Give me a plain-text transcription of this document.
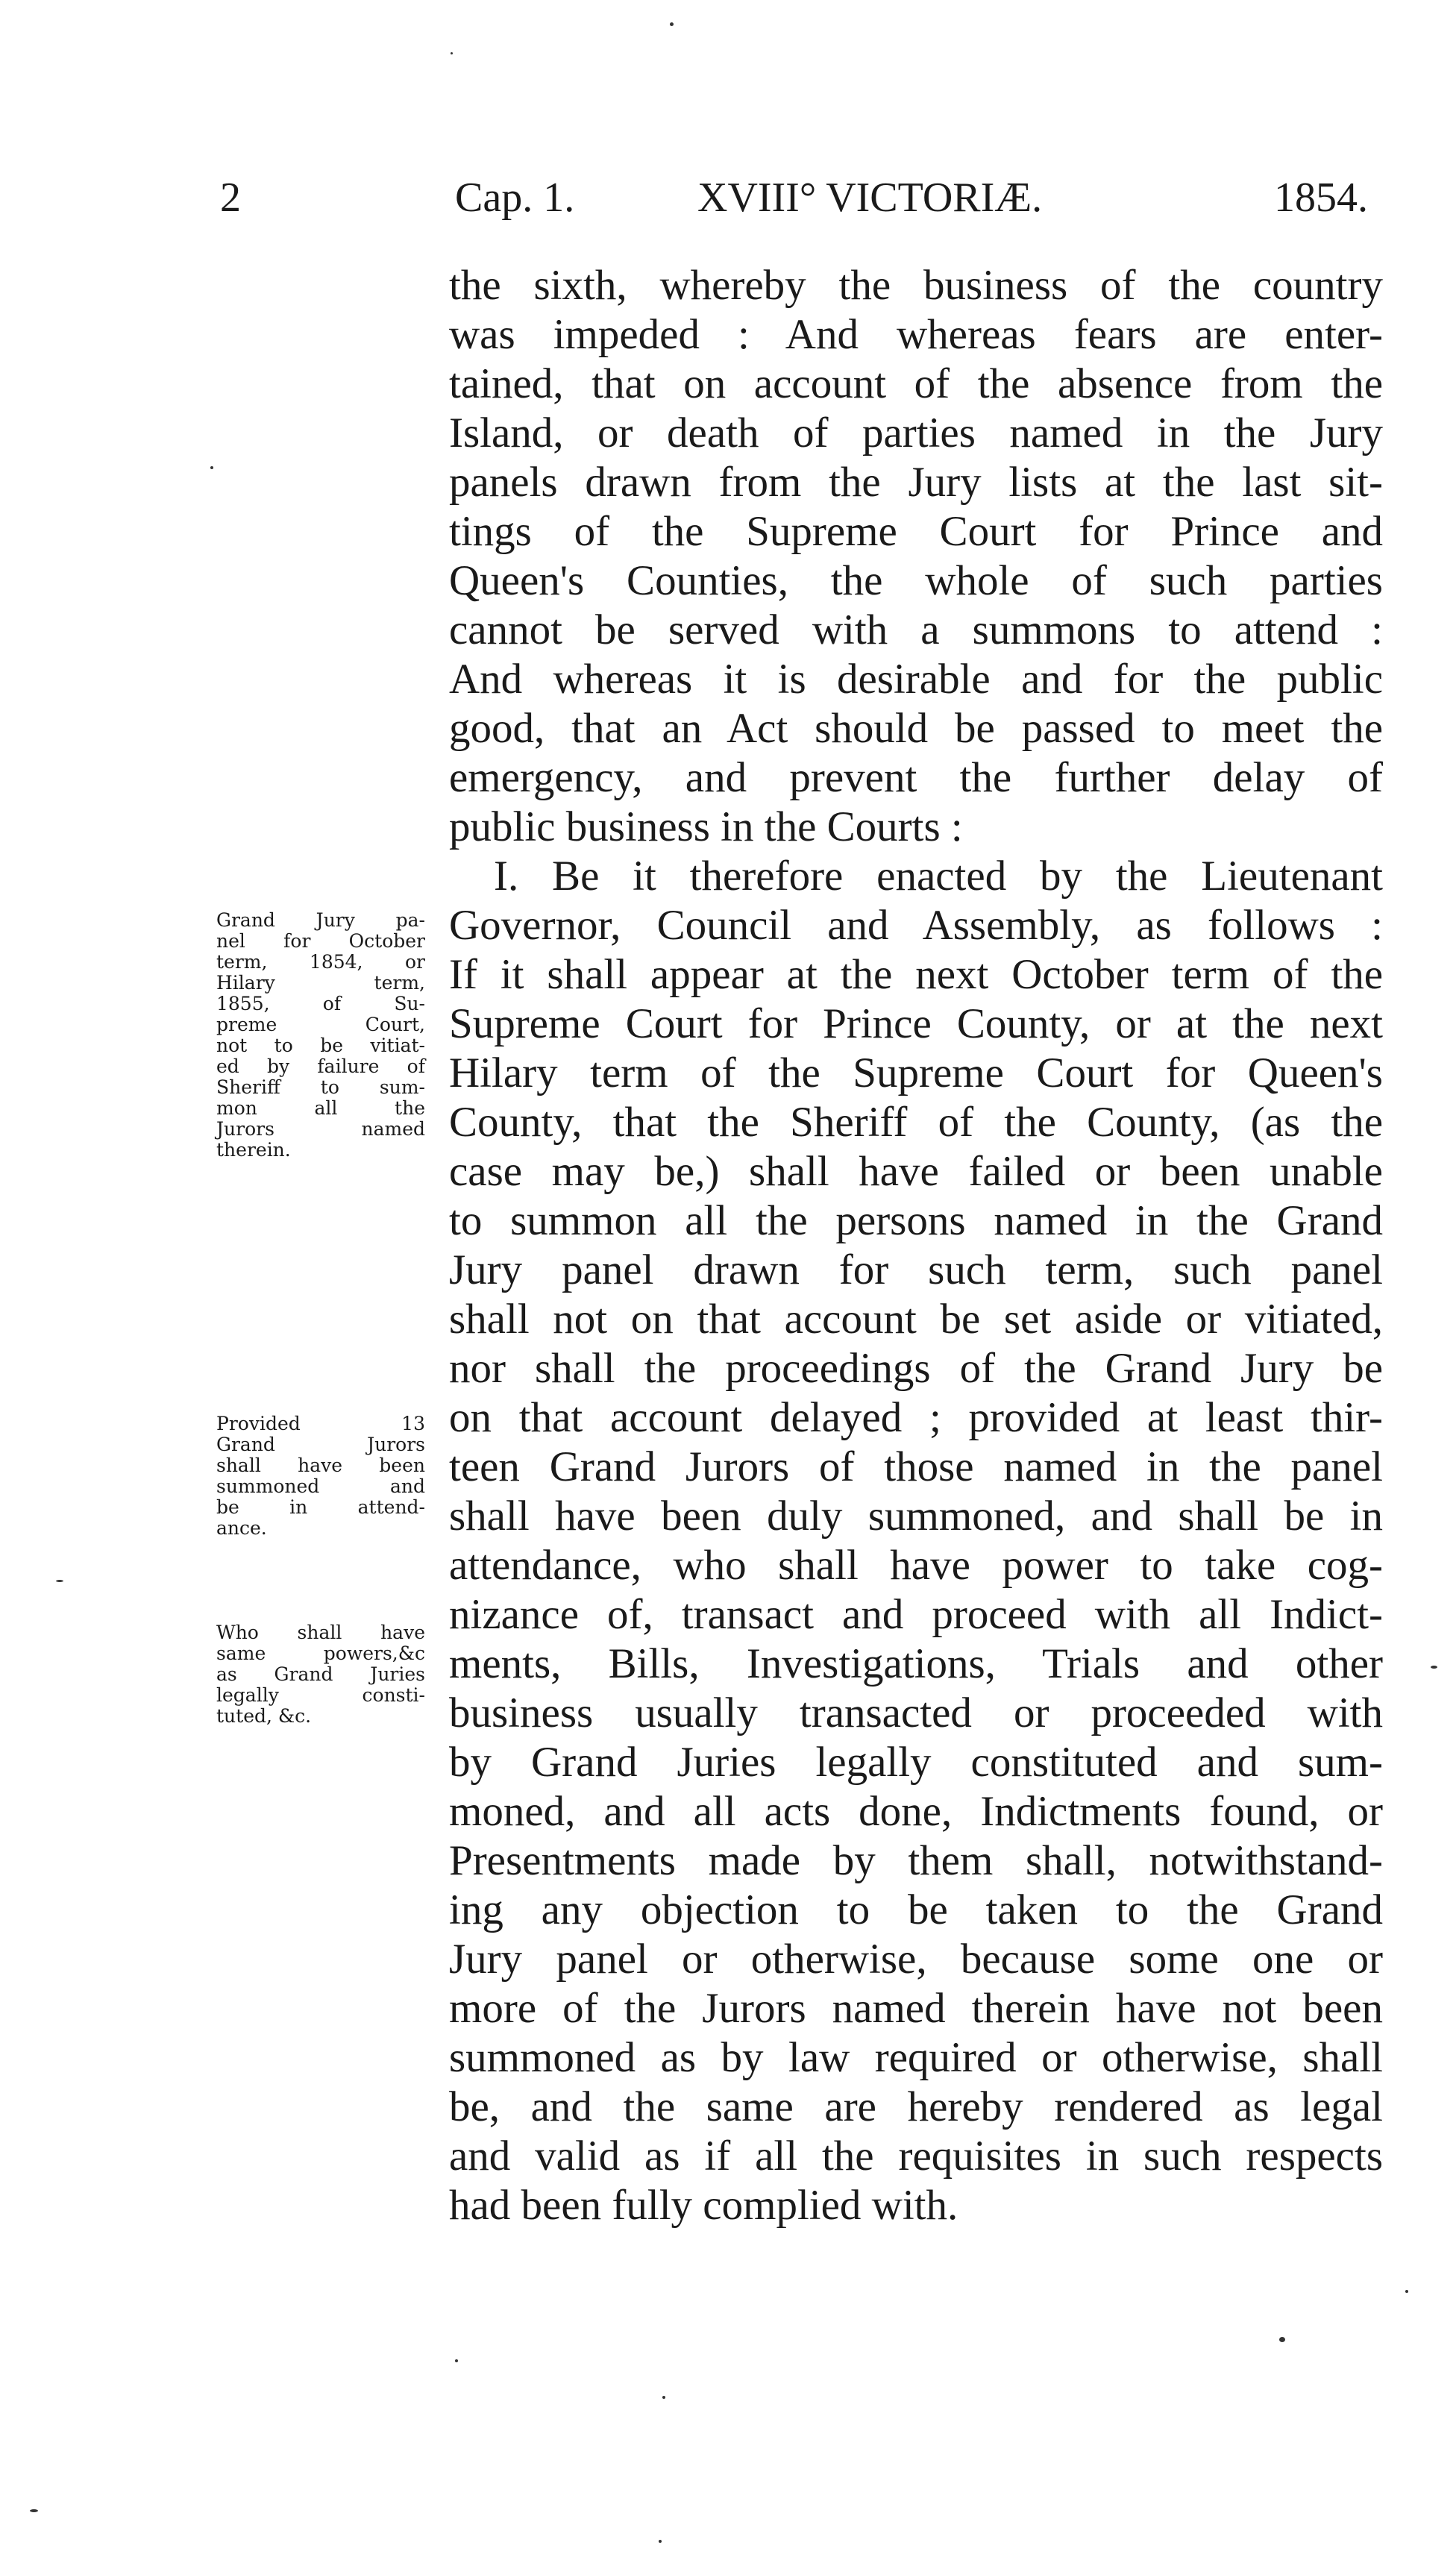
2	Cap. 1.	XVIII° VICTORIÆ.	1854.
Grand Jury pa-
nel for October
term, 1854, or
Hilary term,
1855, of Su-
preme Court,
not to be vitiat-
ed by failure of
Sheriff to sum-
mon all the
Jurors named
therein.
Provided 13
Grand Jurors
shall have been
summoned and
be in attend-
ance.
Who shall have
same powers,&c
as Grand Juries
legally consti-
tuted, &c.
the sixth, whereby the business of the country
was impeded : And whereas fears are enter-
tained, that on account of the absence from the
Island, or death of parties named in the Jury
panels drawn from the Jury lists at the last sit-
tings of the Supreme Court for Prince and
Queen's Counties, the whole of such parties
cannot be served with a summons to attend :
And whereas it is desirable and for the public
good, that an Act should be passed to meet the
emergency, and prevent the further delay of
public business in the Courts :
I. Be it therefore enacted by the Lieutenant
Governor, Council and Assembly, as follows :
If it shall appear at the next October term of the
Supreme Court for Prince County, or at the next
Hilary term of the Supreme Court for Queen's
County, that the Sheriff of the County, (as the
case may be,) shall have failed or been unable
to summon all the persons named in the Grand
Jury panel drawn for such term, such panel
shall not on that account be set aside or vitiated,
nor shall the proceedings of the Grand Jury be
on that account delayed ; provided at least thir-
teen Grand Jurors of those named in the panel
shall have been duly summoned, and shall be in
attendance, who shall have power to take cog-
nizance of, transact and proceed with all Indict-
ments, Bills, Investigations, Trials and other
business usually transacted or proceeded with
by Grand Juries legally constituted and sum-
moned, and all acts done, Indictments found, or
Presentments made by them shall, notwithstand-
ing any objection to be taken to the Grand
Jury panel or otherwise, because some one or
more of the Jurors named therein have not been
summoned as by law required or otherwise, shall
be, and the same are hereby rendered as legal
and valid as if all the requisites in such respects
had been fully complied with.
